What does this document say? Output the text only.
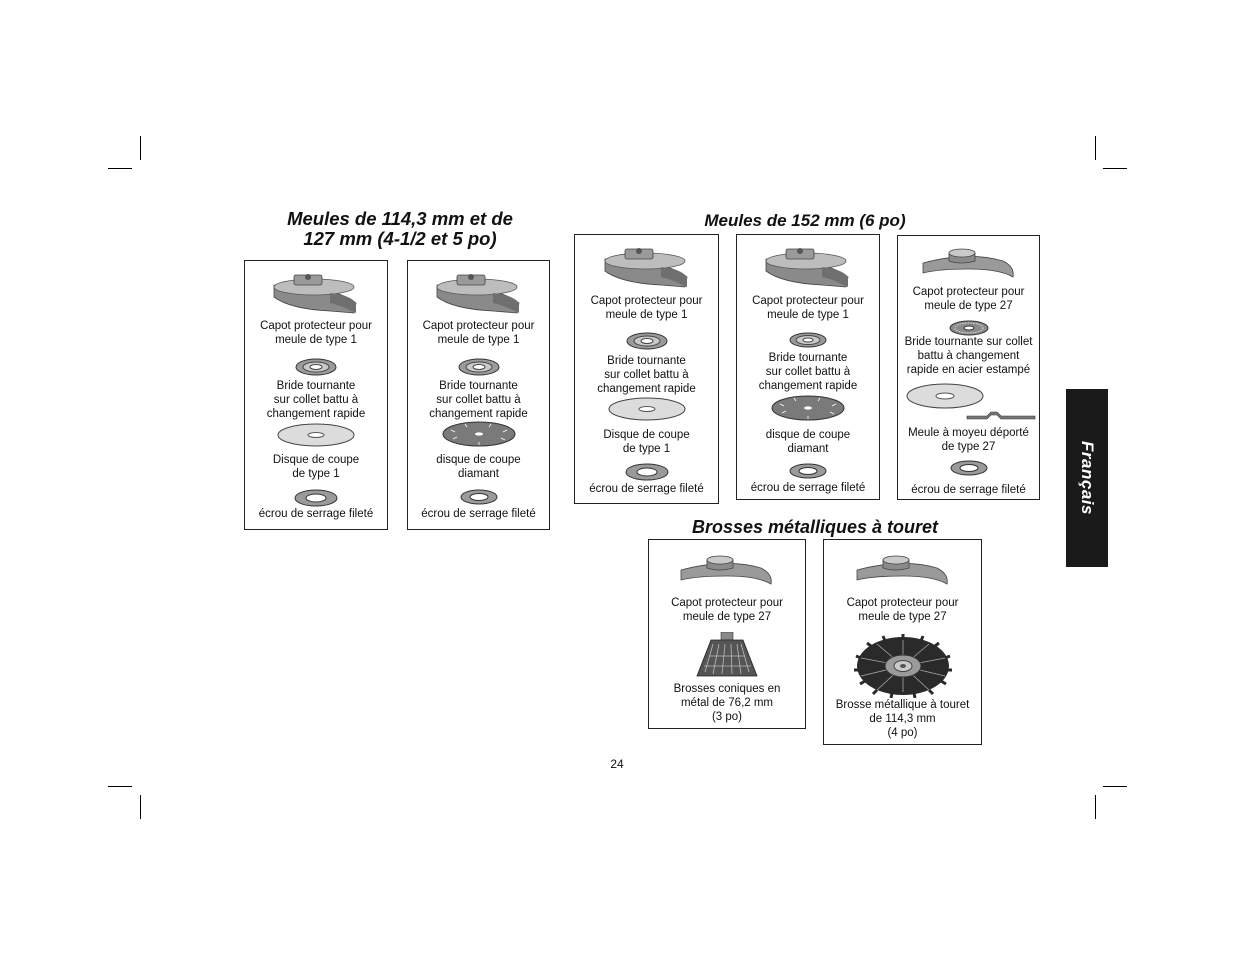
Meules de 114,3 mm et de
127 mm (4-1/2 et 5 po)
Meules de 152 mm (6 po)
Brosses métalliques à touret
Capot protecteur pour
meule de type 1
Bride tournante
sur collet battu à
changement rapide
Disque de coupe
de type 1
écrou de serrage fileté
Capot protecteur pour
meule de type 1
Bride tournante
sur collet battu à
changement rapide
disque de coupe
diamant
écrou de serrage fileté
Capot protecteur pour
meule de type 1
Bride tournante
sur collet battu à
changement rapide
Disque de coupe
de type 1
écrou de serrage fileté
Capot protecteur pour
meule de type 1
Bride tournante
sur collet battu à
changement rapide
disque de coupe
diamant
écrou de serrage fileté
Capot protecteur pour
meule de type 27
Bride tournante sur collet
battu à changement
rapide en acier estampé
Meule à moyeu déporté
de type 27
écrou de serrage fileté
Capot protecteur pour
meule de type 27
Brosses coniques en
métal de 76,2 mm
(3 po)
Capot protecteur pour
meule de type 27
Brosse métallique à touret
de 114,3 mm
(4 po)
Français
24
